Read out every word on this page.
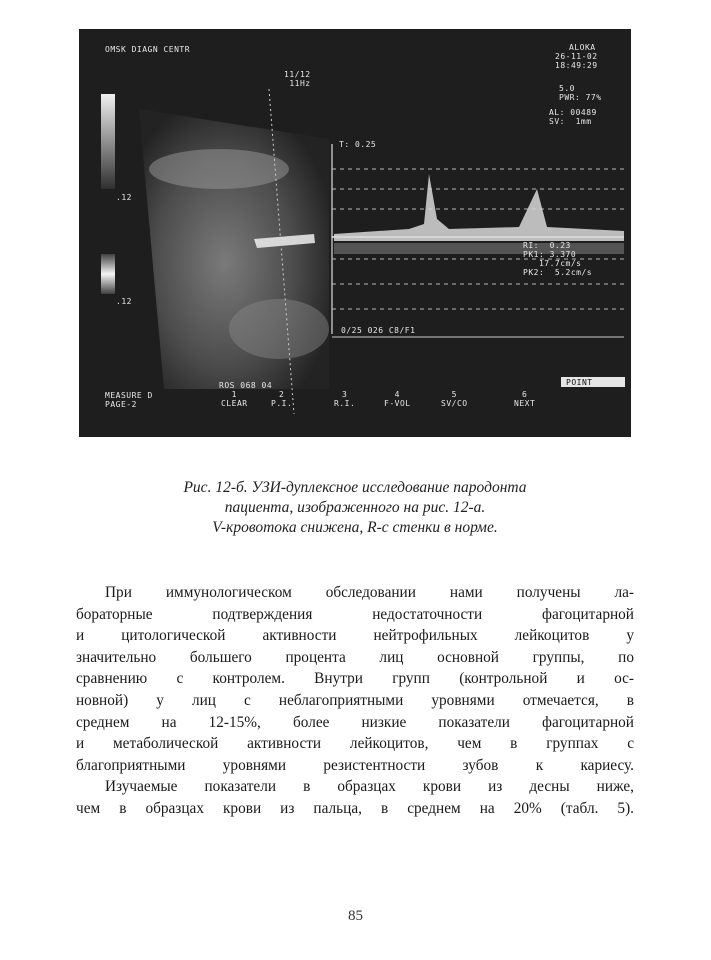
OMSK DIAGN CENTR	ALOKA
26-11-02
18:49:29
11/12
11Hz
5.0
PWR: 77%
AL: 00489
SV:  1mm
.12
.12
T: 0.25
RI:  0.23
PK1: 3.370
17.7cm/s
PK2:  5.2cm/s
0/25 026 C8/F1
POINT
ROS 068 04
MEASURE D
PAGE-2
1
CLEAR
2
P.I.
3
R.I.
4
F-VOL
5
SV/CO
6
NEXT
Рис. 12-б. УЗИ-дуплексное исследование пародонта
пациента, изображенного на рис. 12-а.
V-кровотока снижена, R-с стенки в норме.
При иммунологическом обследовании нами получены ла-
бораторные подтверждения недостаточности фагоцитарной
и цитологической активности нейтрофильных лейкоцитов у
значительно большего процента лиц основной группы, по
сравнению с контролем. Внутри групп (контрольной и ос-
новной) у лиц с неблагоприятными уровнями отмечается, в
среднем на 12-15%, более низкие показатели фагоцитарной
и метаболической активности лейкоцитов, чем в группах с
благоприятными уровнями резистентности зубов к кариесу.
Изучаемые показатели в образцах крови из десны ниже,
чем в образцах крови из пальца, в среднем на 20% (табл. 5).
85
